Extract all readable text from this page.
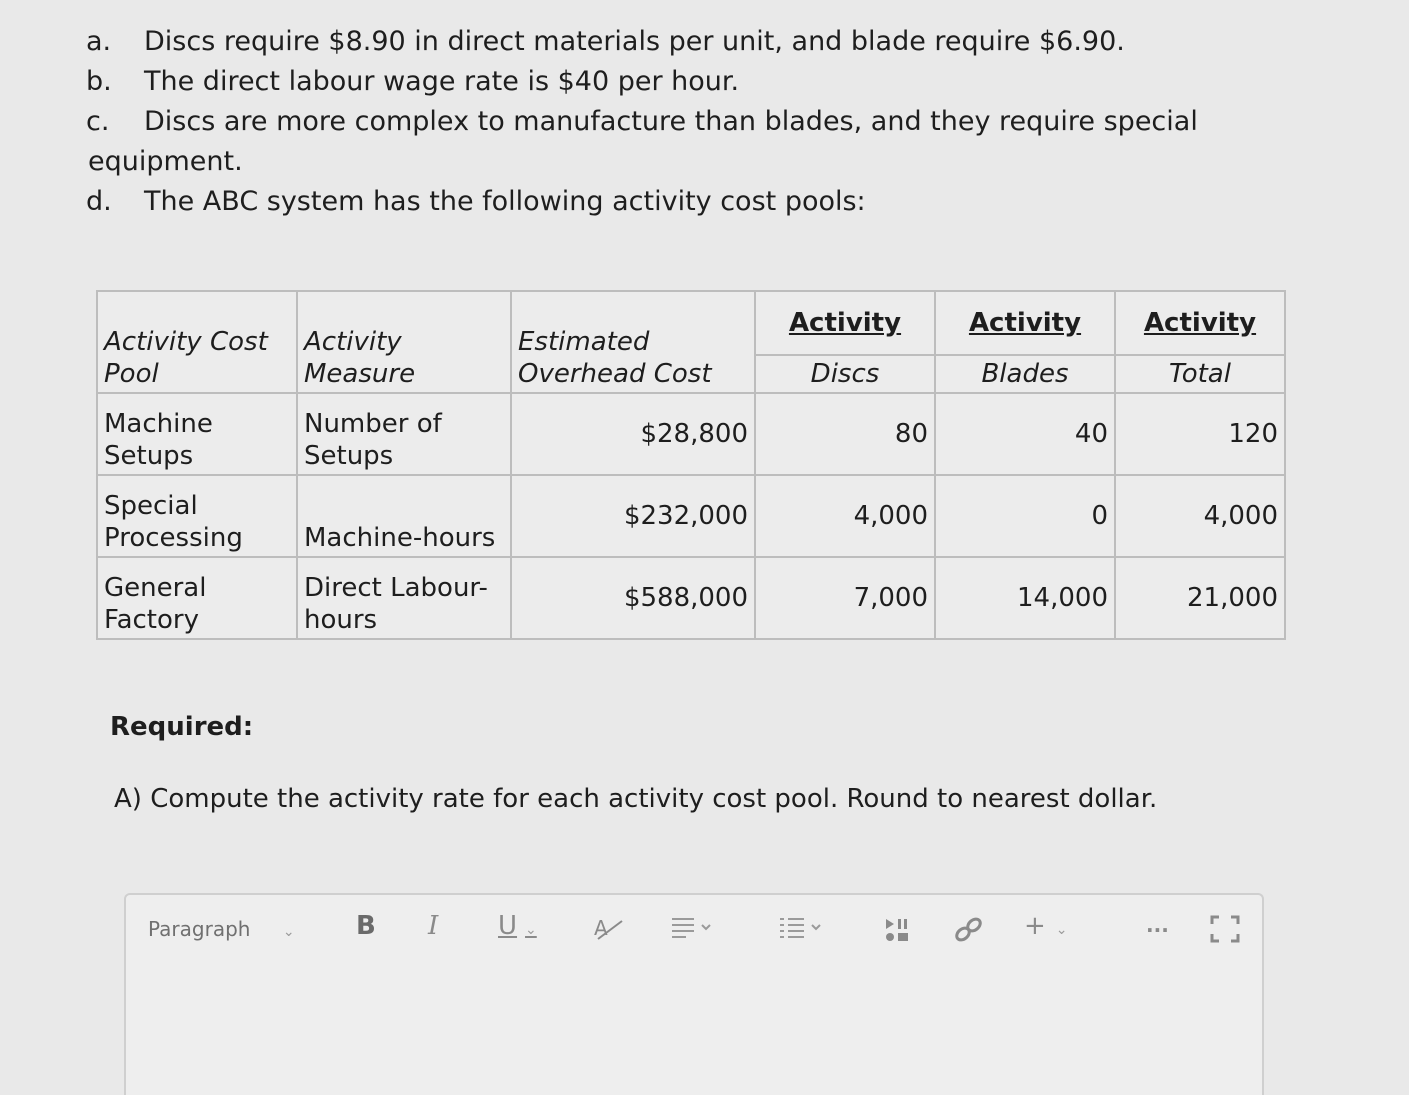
a. Discs require $8.90 in direct materials per unit, and blade require $6.90.
b. The direct labour wage rate is $40 per hour.
c. Discs are more complex to manufacture than blades, and they require special
equipment.
d. The ABC system has the following activity cost pools:
Activity Cost Pool	Activity Measure	Estimated Overhead Cost	Activity	Activity	Activity
			Discs	Blades	Total
Machine Setups	Number of Setups	$28,800	80	40	120
Special Processing	Machine-hours	$232,000	4,000	0	4,000
General Factory	Direct Labour-hours	$588,000	7,000	14,000	21,000
Required:
A) Compute the activity rate for each activity cost pool. Round to nearest dollar.
Paragraph ⌄ B I U ⌄	A	+ ⌄	...
